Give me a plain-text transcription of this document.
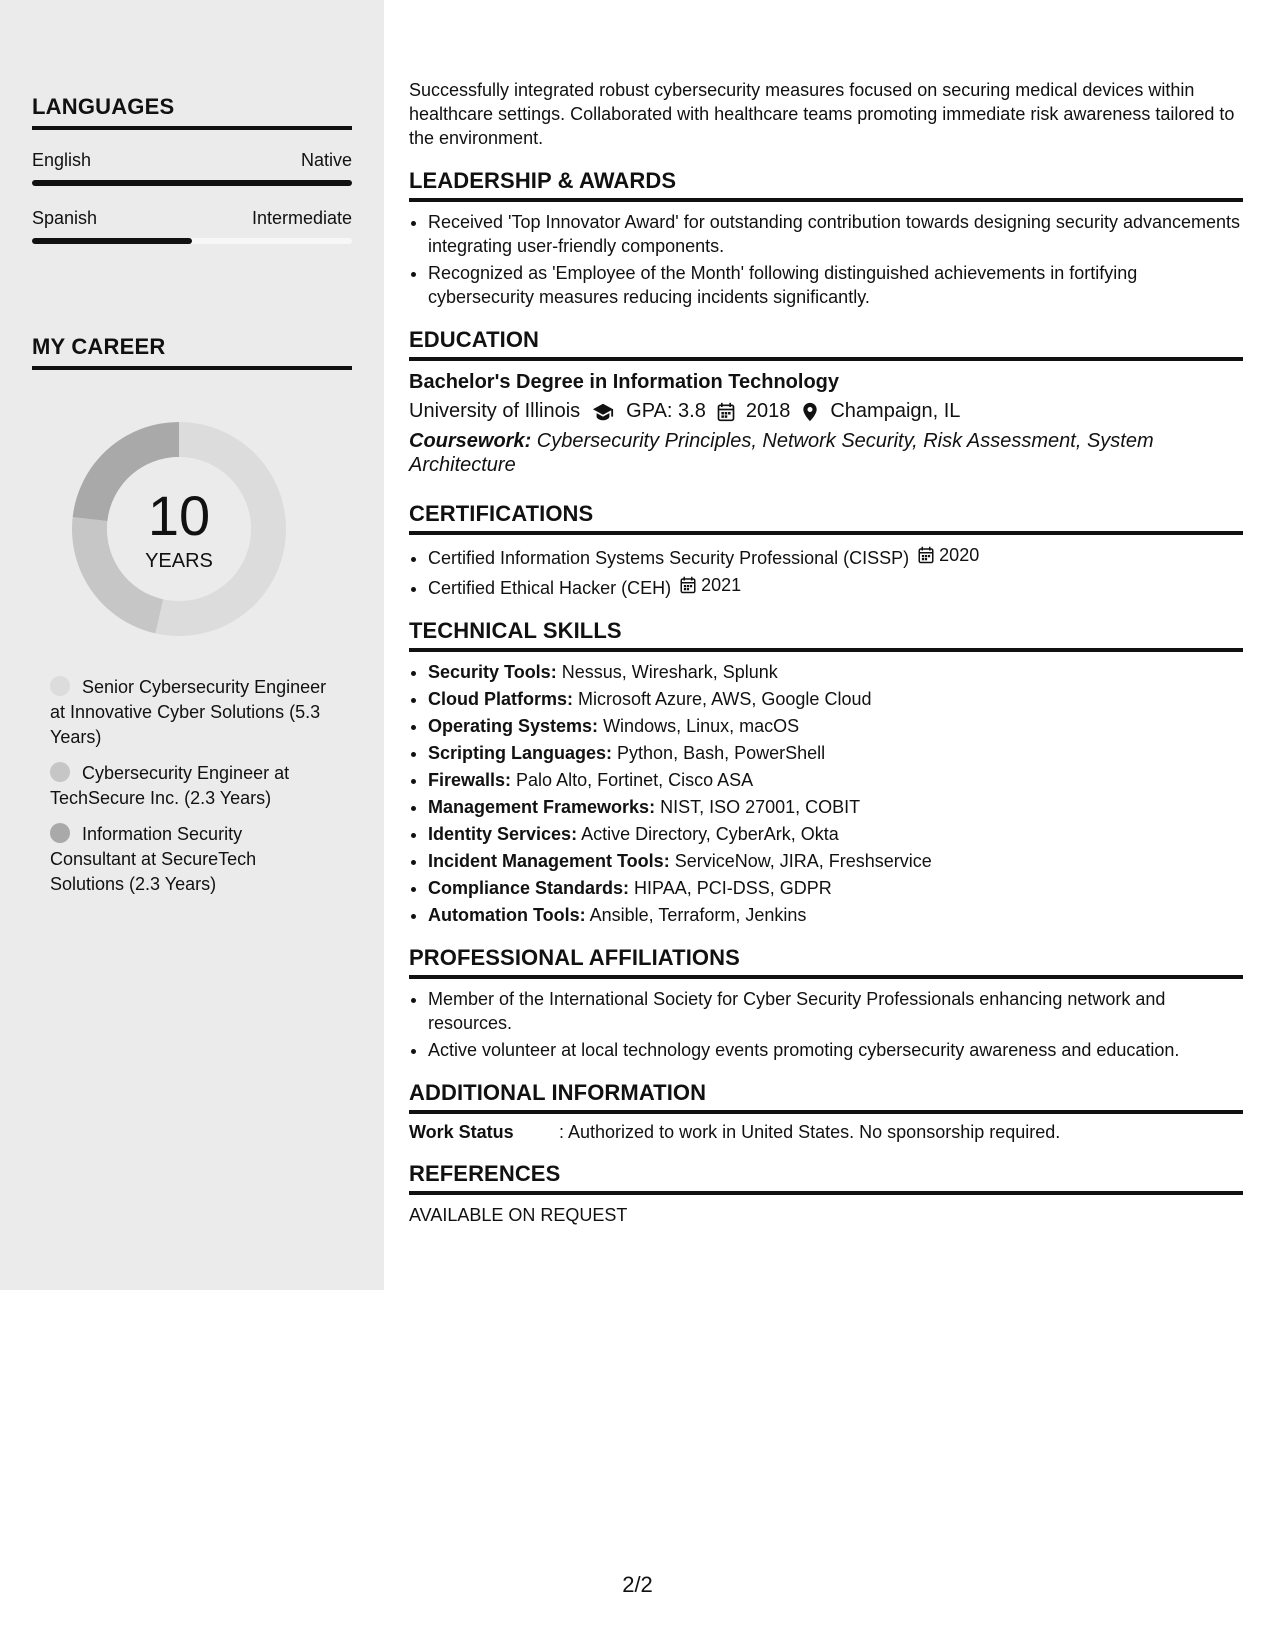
LANGUAGES
English	Native
Spanish	Intermediate
MY CAREER
10
YEARS
Senior Cybersecurity Engineer at Innovative Cyber Solutions (5.3 Years)
Cybersecurity Engineer at TechSecure Inc. (2.3 Years)
Information Security Consultant at SecureTech Solutions (2.3 Years)

Successfully integrated robust cybersecurity measures focused on securing medical devices within healthcare settings. Collaborated with healthcare teams promoting immediate risk awareness tailored to the environment.

LEADERSHIP & AWARDS
• Received 'Top Innovator Award' for outstanding contribution towards designing security advancements integrating user-friendly components.
• Recognized as 'Employee of the Month' following distinguished achievements in fortifying cybersecurity measures reducing incidents significantly.
EDUCATION
Bachelor's Degree in Information Technology
University of Illinois GPA: 3.8 2018 Champaign, IL
Coursework: Cybersecurity Principles, Network Security, Risk Assessment, System Architecture
CERTIFICATIONS
• Certified Information Systems Security Professional (CISSP) 2020
• Certified Ethical Hacker (CEH) 2021
TECHNICAL SKILLS
• Security Tools: Nessus, Wireshark, Splunk
• Cloud Platforms: Microsoft Azure, AWS, Google Cloud
• Operating Systems: Windows, Linux, macOS
• Scripting Languages: Python, Bash, PowerShell
• Firewalls: Palo Alto, Fortinet, Cisco ASA
• Management Frameworks: NIST, ISO 27001, COBIT
• Identity Services: Active Directory, CyberArk, Okta
• Incident Management Tools: ServiceNow, JIRA, Freshservice
• Compliance Standards: HIPAA, PCI-DSS, GDPR
• Automation Tools: Ansible, Terraform, Jenkins
PROFESSIONAL AFFILIATIONS
• Member of the International Society for Cyber Security Professionals enhancing network and resources.
• Active volunteer at local technology events promoting cybersecurity awareness and education.
ADDITIONAL INFORMATION
Work Status	: Authorized to work in United States. No sponsorship required.
REFERENCES
AVAILABLE ON REQUEST
2/2
